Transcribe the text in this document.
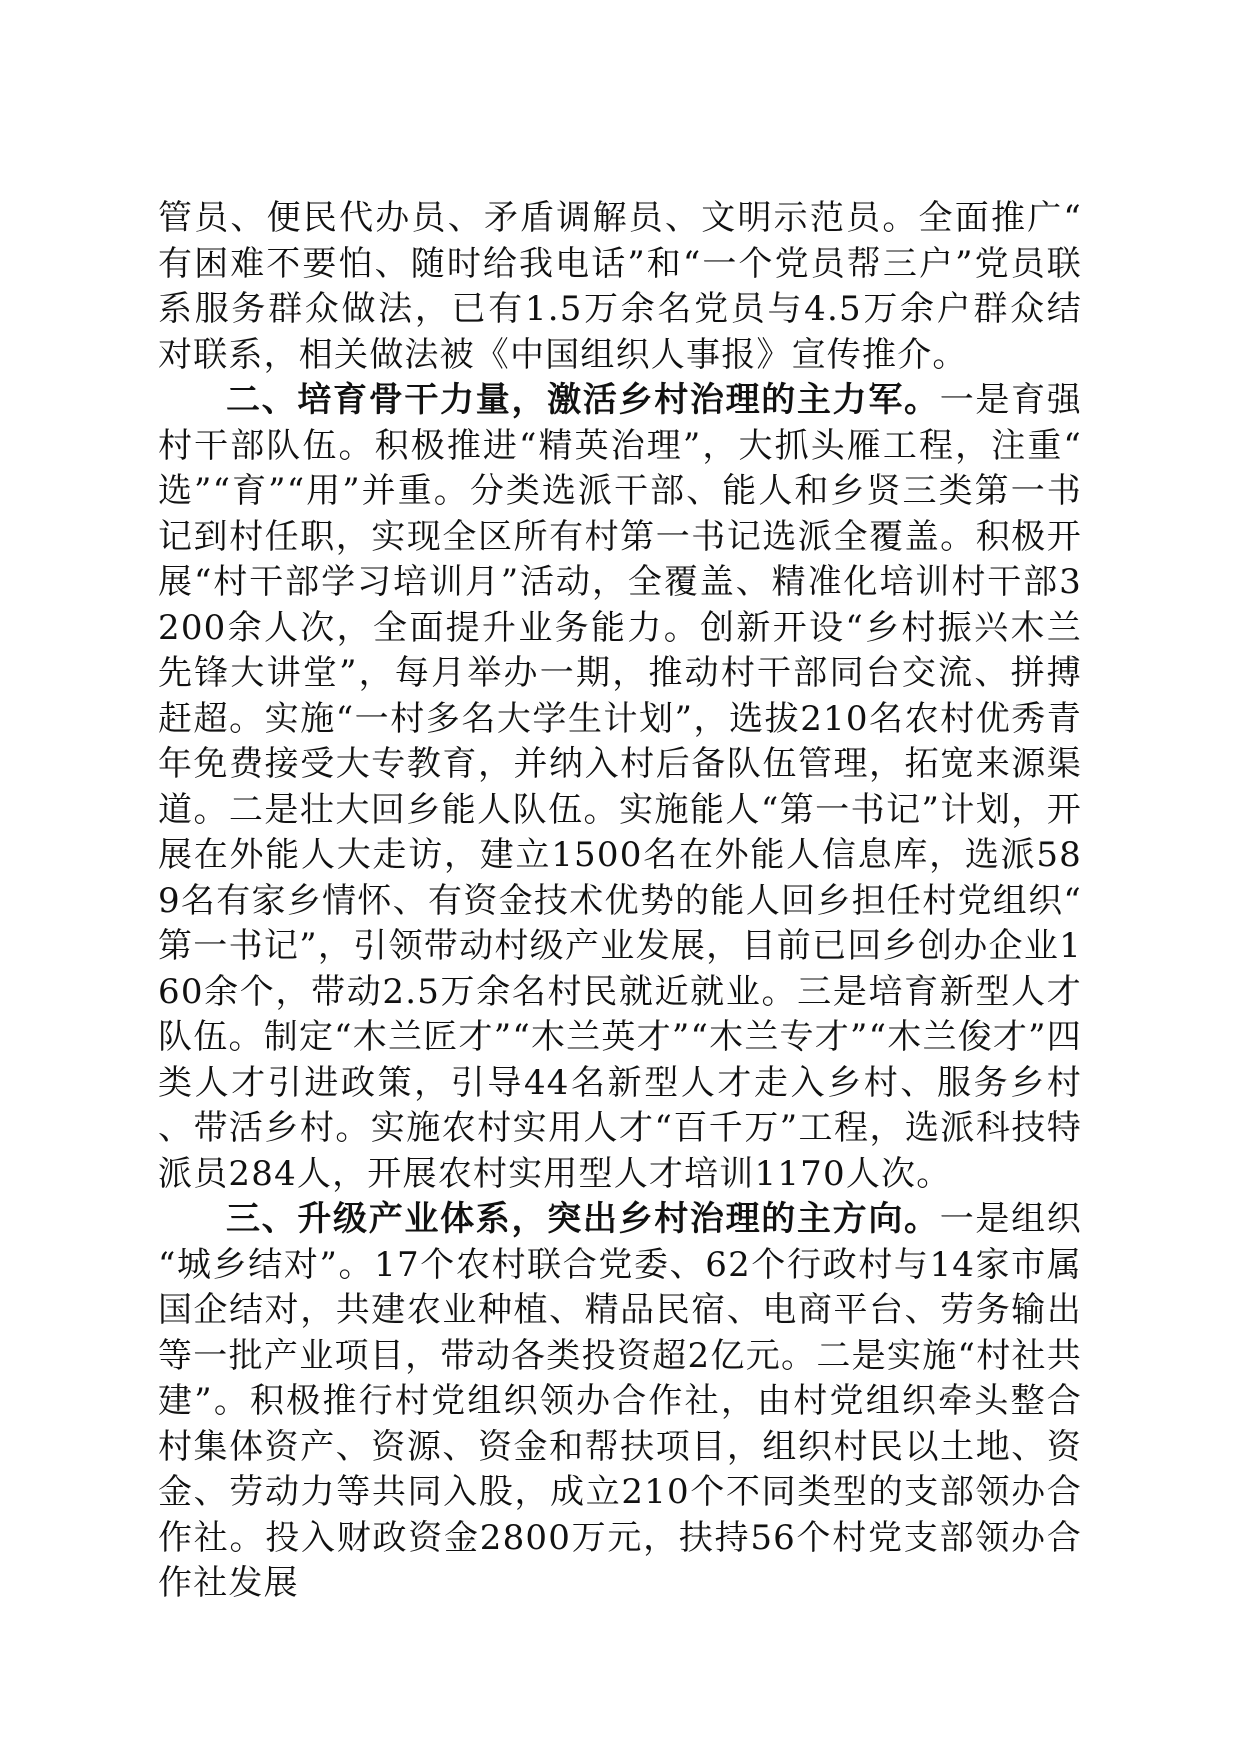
管员、便民代办员、矛盾调解员、文明示范员。全面推广“有困难不要怕、随时给我电话”和“一个党员帮三户”党员联系服务群众做法，已有1.5万余名党员与4.5万余户群众结对联系，相关做法被《中国组织人事报》宣传推介。

二、培育骨干力量，激活乡村治理的主力军。一是育强村干部队伍。积极推进“精英治理”，大抓头雁工程，注重“选”“育”“用”并重。分类选派干部、能人和乡贤三类第一书记到村任职，实现全区所有村第一书记选派全覆盖。积极开展“村干部学习培训月”活动，全覆盖、精准化培训村干部3200余人次，全面提升业务能力。创新开设“乡村振兴木兰先锋大讲堂”，每月举办一期，推动村干部同台交流、拼搏赶超。实施“一村多名大学生计划”，选拔210名农村优秀青年免费接受大专教育，并纳入村后备队伍管理，拓宽来源渠道。二是壮大回乡能人队伍。实施能人“第一书记”计划，开展在外能人大走访，建立1500名在外能人信息库，选派589名有家乡情怀、有资金技术优势的能人回乡担任村党组织“第一书记”，引领带动村级产业发展，目前已回乡创办企业160余个，带动2.5万余名村民就近就业。三是培育新型人才队伍。制定“木兰匠才”“木兰英才”“木兰专才”“木兰俊才”四类人才引进政策，引导44名新型人才走入乡村、服务乡村、带活乡村。实施农村实用人才“百千万”工程，选派科技特派员284人，开展农村实用型人才培训1170人次。

三、升级产业体系，突出乡村治理的主方向。一是组织“城乡结对”。17个农村联合党委、62个行政村与14家市属国企结对，共建农业种植、精品民宿、电商平台、劳务输出等一批产业项目，带动各类投资超2亿元。二是实施“村社共建”。积极推行村党组织领办合作社，由村党组织牵头整合村集体资产、资源、资金和帮扶项目，组织村民以土地、资金、劳动力等共同入股，成立210个不同类型的支部领办合作社。投入财政资金2800万元，扶持56个村党支部领办合作社发展
